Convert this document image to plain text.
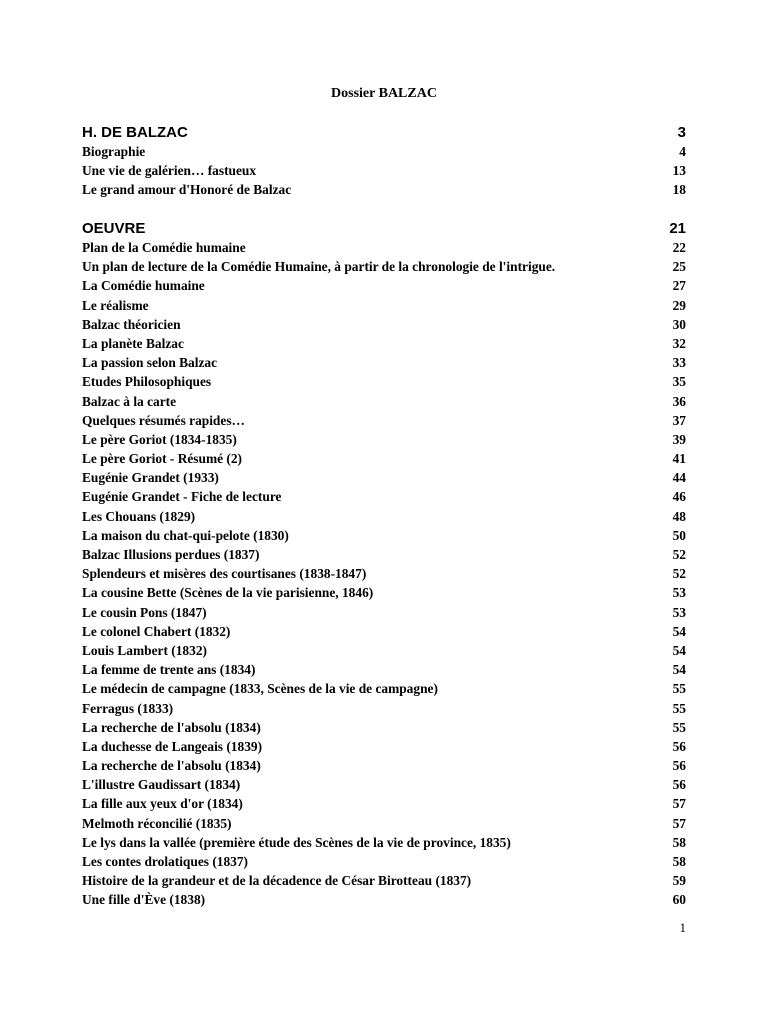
Dossier BALZAC
H. DE BALZAC	3
Biographie	4
Une vie de galérien… fastueux	13
Le grand amour d'Honoré de Balzac	18
OEUVRE	21
Plan de la Comédie humaine	22
Un plan de lecture de la Comédie Humaine, à partir de la chronologie de l'intrigue.	25
La Comédie humaine	27
Le réalisme	29
Balzac théoricien	30
La planète Balzac	32
La passion selon Balzac	33
Etudes Philosophiques	35
Balzac à la carte	36
Quelques résumés rapides…	37
Le père Goriot (1834-1835)	39
Le père Goriot - Résumé (2)	41
Eugénie Grandet (1933)	44
Eugénie Grandet - Fiche de lecture	46
Les Chouans (1829)	48
La maison du chat-qui-pelote (1830)	50
Balzac Illusions perdues (1837)	52
Splendeurs et misères des courtisanes (1838-1847)	52
La cousine Bette (Scènes de la vie parisienne, 1846)	53
Le cousin Pons (1847)	53
Le colonel Chabert (1832)	54
Louis Lambert (1832)	54
La femme de trente ans (1834)	54
Le médecin de campagne (1833, Scènes de la vie de campagne)	55
Ferragus (1833)	55
La recherche de l'absolu (1834)	55
La duchesse de Langeais (1839)	56
La recherche de l'absolu (1834)	56
L'illustre Gaudissart (1834)	56
La fille aux yeux d'or (1834)	57
Melmoth réconcilié (1835)	57
Le lys dans la vallée (première étude des Scènes de la vie de province, 1835)	58
Les contes drolatiques (1837)	58
Histoire de la grandeur et de la décadence de César Birotteau (1837)	59
Une fille d'Ève (1838)	60
1
